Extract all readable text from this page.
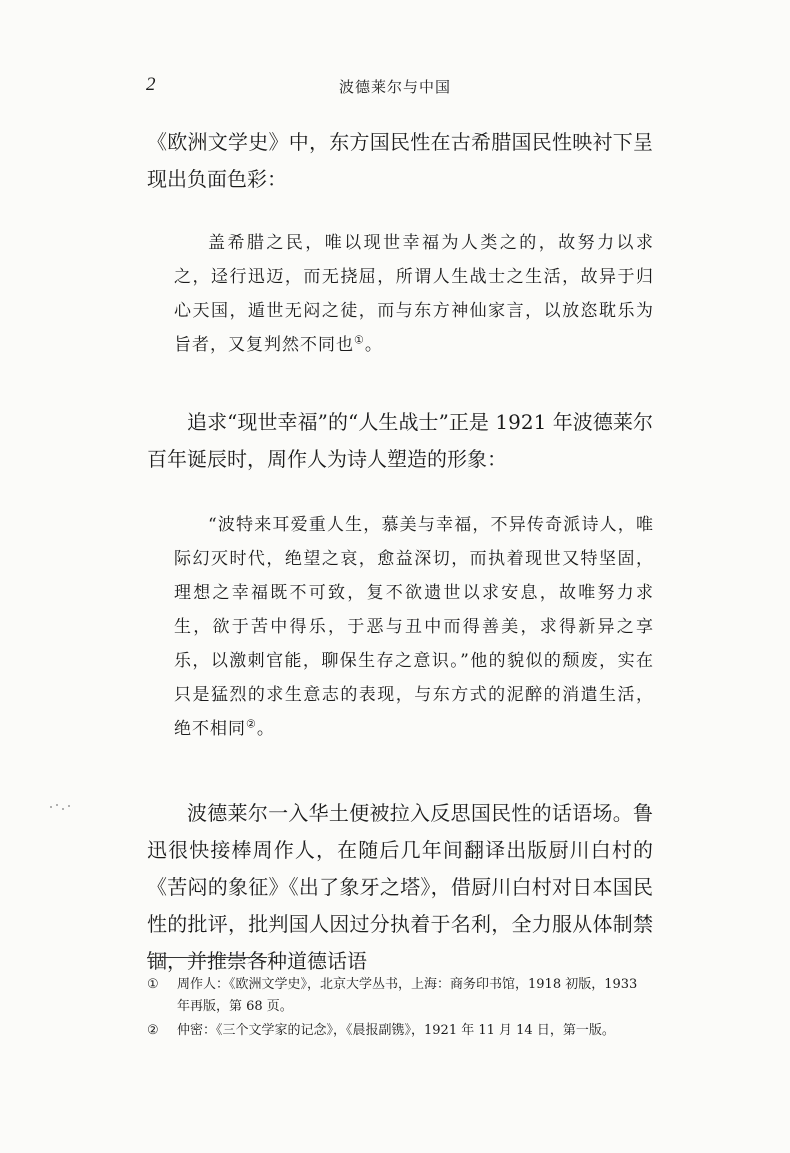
2	波德莱尔与中国

《欧洲文学史》中，东方国民性在古希腊国民性映衬下呈现出负面色彩：

盖希腊之民，唯以现世幸福为人类之的，故努力以求之，迳行迅迈，而无挠屈，所谓人生战士之生活，故异于归心天国，遁世无闷之徒，而与东方神仙家言，以放恣耽乐为旨者，又复判然不同也①。

追求“现世幸福”的“人生战士”正是 1921 年波德莱尔百年诞辰时，周作人为诗人塑造的形象：

“波特来耳爱重人生，慕美与幸福，不异传奇派诗人，唯际幻灭时代，绝望之哀，愈益深切，而执着现世又特坚固，理想之幸福既不可致，复不欲遗世以求安息，故唯努力求生，欲于苦中得乐，于恶与丑中而得善美，求得新异之享乐，以激刺官能，聊保生存之意识。”他的貌似的颓废，实在只是猛烈的求生意志的表现，与东方式的泥醉的消遣生活，绝不相同②。

波德莱尔一入华土便被拉入反思国民性的话语场。鲁迅很快接棒周作人，在随后几年间翻译出版厨川白村的《苦闷的象征》《出了象牙之塔》，借厨川白村对日本国民性的批评，批判国人因过分执着于名利，全力服从体制禁锢，并推崇各种道德话语

①	周作人：《欧洲文学史》，北京大学丛书，上海：商务印书馆，1918 初版，1933 年再版，第 68 页。
②	仲密：《三个文学家的记念》，《晨报副镌》，1921 年 11 月 14 日，第一版。
